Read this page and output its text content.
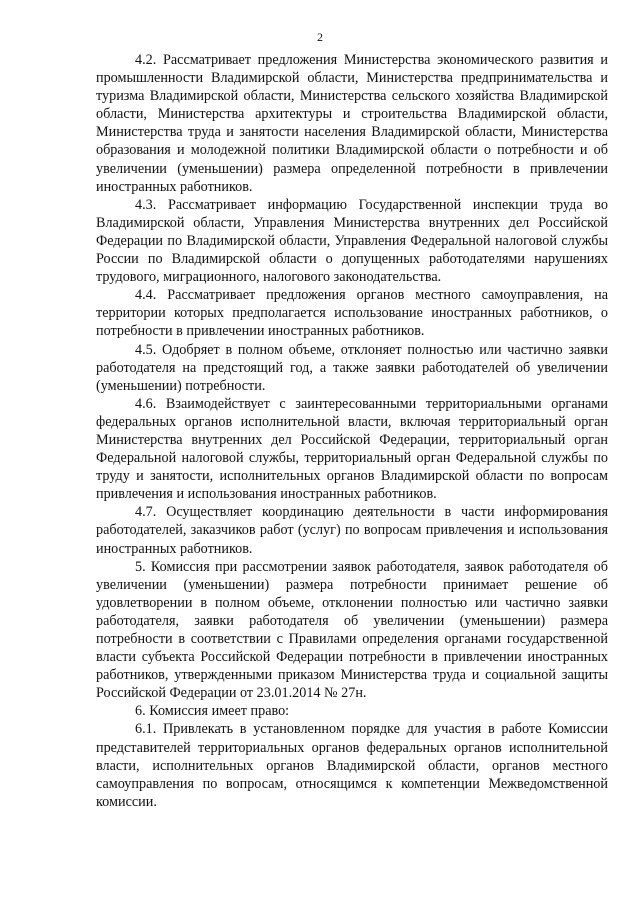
2

4.2. Рассматривает предложения Министерства экономического развития и промышленности Владимирской области, Министерства предпринимательства и туризма Владимирской области, Министерства сельского хозяйства Владимирской области, Министерства архитектуры и строительства Владимирской области, Министерства труда и занятости населения Владимирской области, Министерства образования и молодежной политики Владимирской области о потребности и об увеличении (уменьшении) размера определенной потребности в привлечении иностранных работников.

4.3. Рассматривает информацию Государственной инспекции труда во Владимирской области, Управления Министерства внутренних дел Российской Федерации по Владимирской области, Управления Федеральной налоговой службы России по Владимирской области о допущенных работодателями нарушениях трудового, миграционного, налогового законодательства.

4.4. Рассматривает предложения органов местного самоуправления, на территории которых предполагается использование иностранных работников, о потребности в привлечении иностранных работников.

4.5. Одобряет в полном объеме, отклоняет полностью или частично заявки работодателя на предстоящий год, а также заявки работодателей об увеличении (уменьшении) потребности.

4.6. Взаимодействует с заинтересованными территориальными органами федеральных органов исполнительной власти, включая территориальный орган Министерства внутренних дел Российской Федерации, территориальный орган Федеральной налоговой службы, территориальный орган Федеральной службы по труду и занятости, исполнительных органов Владимирской области по вопросам привлечения и использования иностранных работников.

4.7. Осуществляет координацию деятельности в части информирования работодателей, заказчиков работ (услуг) по вопросам привлечения и использования иностранных работников.

5. Комиссия при рассмотрении заявок работодателя, заявок работодателя об увеличении (уменьшении) размера потребности принимает решение об удовлетворении в полном объеме, отклонении полностью или частично заявки работодателя, заявки работодателя об увеличении (уменьшении) размера потребности в соответствии с Правилами определения органами государственной власти субъекта Российской Федерации потребности в привлечении иностранных работников, утвержденными приказом Министерства труда и социальной защиты Российской Федерации от 23.01.2014 № 27н.

6. Комиссия имеет право:

6.1. Привлекать в установленном порядке для участия в работе Комиссии представителей территориальных органов федеральных органов исполнительной власти, исполнительных органов Владимирской области, органов местного самоуправления по вопросам, относящимся к компетенции Межведомственной комиссии.
